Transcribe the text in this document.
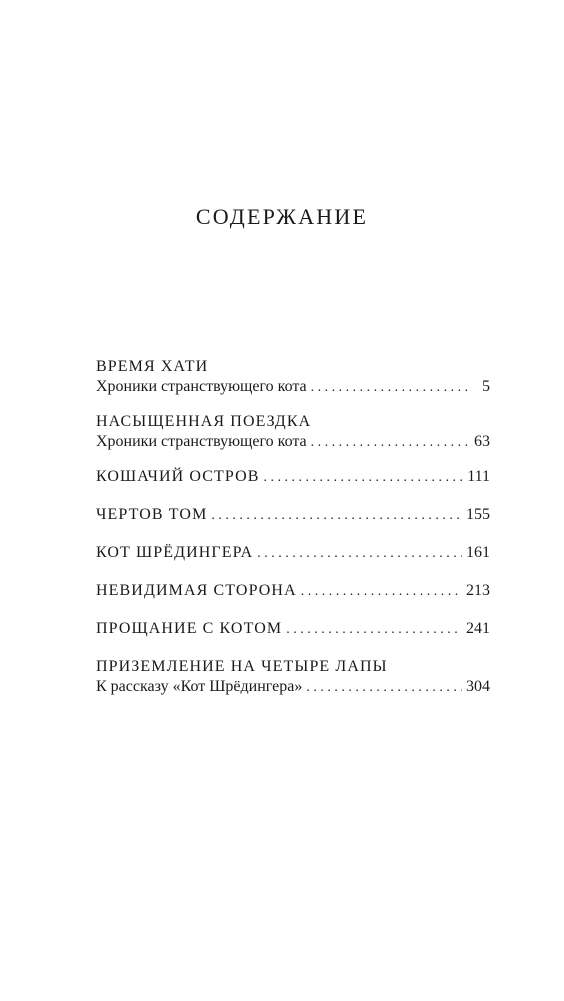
СОДЕРЖАНИЕ
ВРЕМЯ ХАТИ
Хроники странствующего кота . . .	5
НАСЫЩЕННАЯ ПОЕЗДКА
Хроники странствующего кота . . .	63
КОШАЧИЙ ОСТРОВ . . .	111
ЧЕРТОВ ТОМ . . .	155
КОТ ШРЁДИНГЕРА . . .	161
НЕВИДИМАЯ СТОРОНА . . .	213
ПРОЩАНИЕ С КОТОМ . . .	241
ПРИЗЕМЛЕНИЕ НА ЧЕТЫРЕ ЛАПЫ
К рассказу «Кот Шрёдингера» . . .	304
